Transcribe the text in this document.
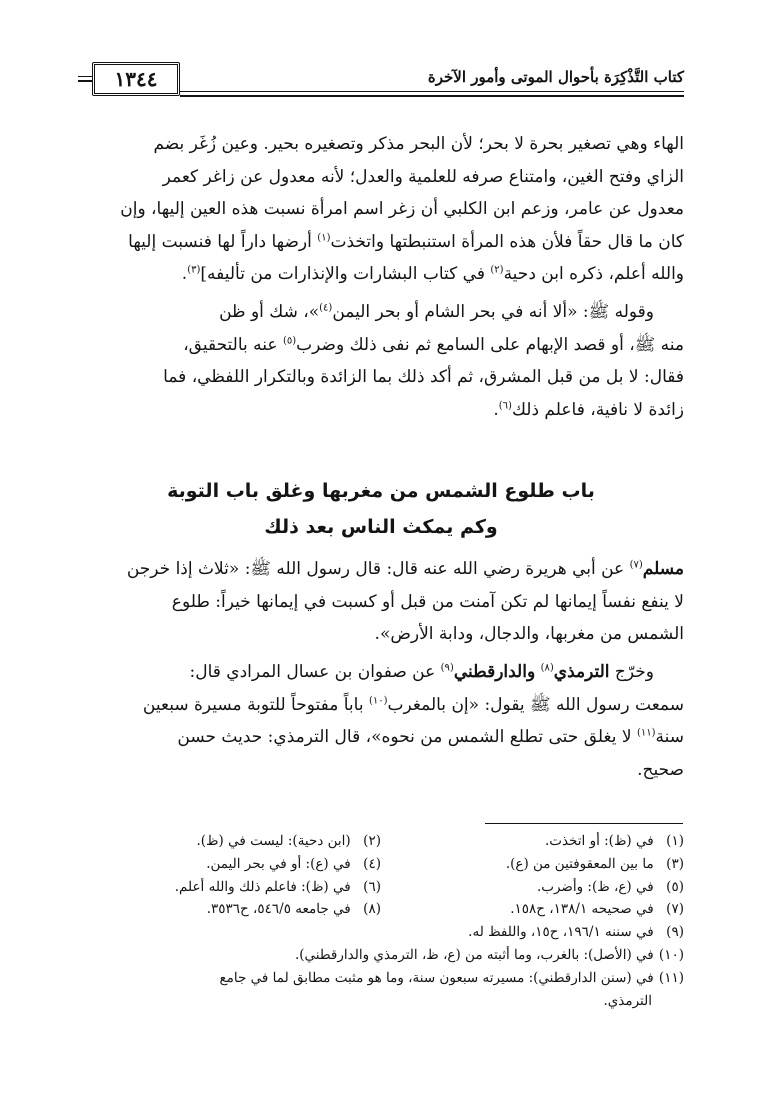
كتاب التَّذْكِرَة بأحوال الموتى وأمور الآخرة
١٣٤٤

الهاء وهي تصغير بحرة لا بحر؛ لأن البحر مذكر وتصغيره بحير. وعين زُغَر بضم

الزاي وفتح الغين، وامتناع صرفه للعلمية والعدل؛ لأنه معدول عن زاغر كعمر

معدول عن عامر، وزعم ابن الكلبي أن زغر اسم امرأة نسبت هذه العين إليها، وإن

كان ما قال حقاً فلأن هذه المرأة استنبطتها واتخذت$^{(١)}$ أرضها داراً لها فنسبت إليها

والله أعلم، ذكره ابن دحية$^{(٢)}$ في كتاب البشارات والإنذارات من تأليفه]$^{(٣)}$.

وقوله ﷺ: «ألا أنه في بحر الشام أو بحر اليمن$^{(٤)}$»، شك أو ظن

منه ﷺ، أو قصد الإبهام على السامع ثم نفى ذلك وضرب$^{(٥)}$ عنه بالتحقيق،

فقال: لا بل من قبل المشرق، ثم أكد ذلك بما الزائدة وبالتكرار اللفظي، فما

زائدة لا نافية، فاعلم ذلك$^{(٦)}$.

باب طلوع الشمس من مغربها وغلق باب التوبة
وكم يمكث الناس بعد ذلك

مسلم$^{(٧)}$ عن أبي هريرة رضي الله عنه قال: قال رسول الله ﷺ: «ثلاث إذا خرجن

لا ينفع نفساً إيمانها لم تكن آمنت من قبل أو كسبت في إيمانها خيراً: طلوع

الشمس من مغربها، والدجال، ودابة الأرض».

وخرّج الترمذي$^{(٨)}$ والدارقطني$^{(٩)}$ عن صفوان بن عسال المرادي قال:

سمعت رسول الله ﷺ يقول: «إن بالمغرب$^{(١٠)}$ باباً مفتوحاً للتوبة مسيرة سبعين

سنة$^{(١١)}$ لا يغلق حتى تطلع الشمس من نحوه»، قال الترمذي: حديث حسن

صحيح.

(١) في (ظ): أو اتخذت.
(٢) (ابن دحية): ليست في (ظ).
(٣) ما بين المعقوفتين من (ع).
(٤) في (ع): أو في بحر اليمن.
(٥) في (ع، ظ): وأضرب.
(٦) في (ظ): فاعلم ذلك والله أعلم.
(٧) في صحيحه ١٣٨/١، ح١٥٨.
(٨) في جامعه ٥٤٦/٥، ح٣٥٣٦.
(٩) في سننه ١٩٦/١، ح١٥، واللفظ له.
(١٠) في (الأصل): بالغرب، وما أثبته من (ع، ظ، الترمذي والدارقطني).
(١١) في (سنن الدارقطني): مسيرته سبعون سنة، وما هو مثبت مطابق لما في جامع
الترمذي.
